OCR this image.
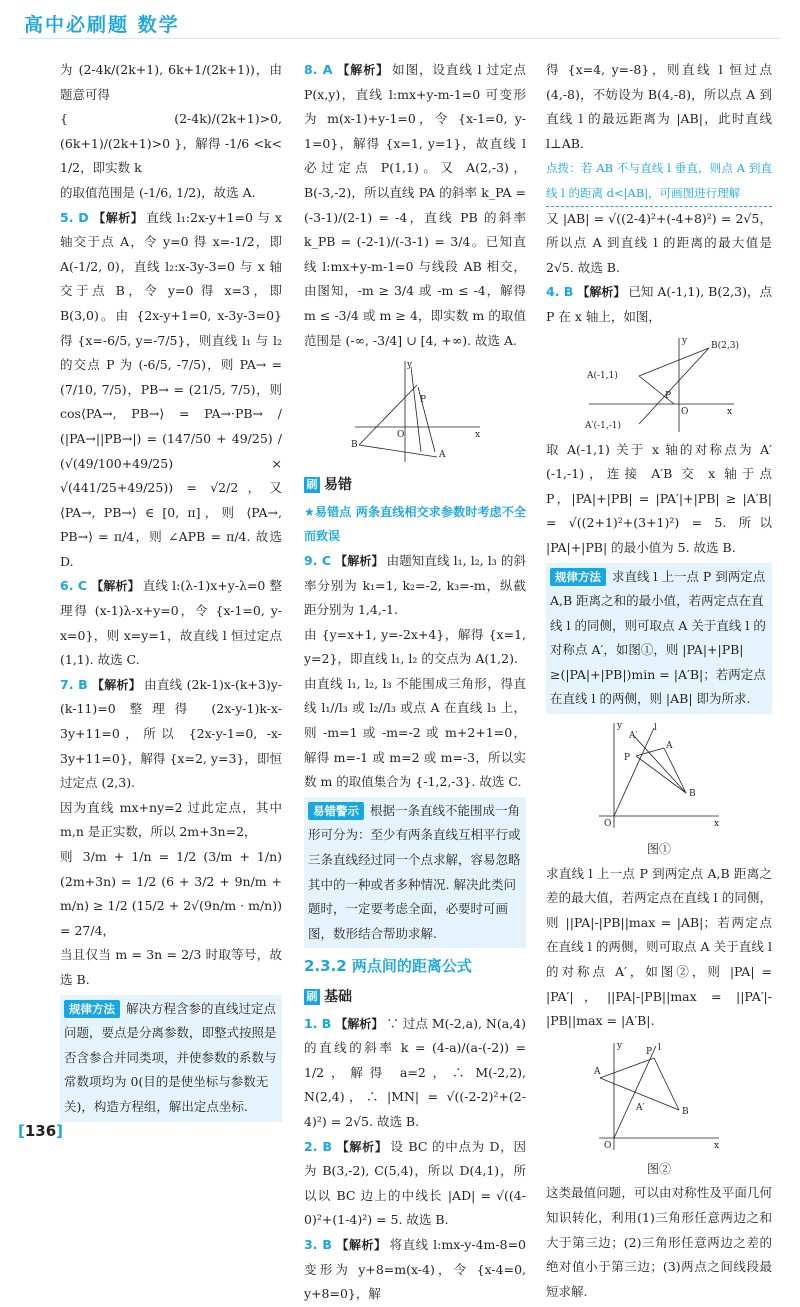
高中必刷题 数学

为 (2-4k/(2k+1), 6k+1/(2k+1))，由题意可得

{ (2-4k)/(2k+1)>0, (6k+1)/(2k+1)>0 }，解得 -1/6 <k< 1/2，即实数 k

的取值范围是 (-1/6, 1/2)，故选 A.

5. D 【解析】 直线 l₁:2x-y+1=0 与 x 轴交于点 A，令 y=0 得 x=-1/2，即 A(-1/2, 0)，直线 l₂:x-3y-3=0 与 x 轴交于点 B，令 y=0 得 x=3，即 B(3,0)。由 {2x-y+1=0, x-3y-3=0} 得 {x=-6/5, y=-7/5}，则直线 l₁ 与 l₂ 的交点 P 为 (-6/5, -7/5)，则 PA→ = (7/10, 7/5)，PB→ = (21/5, 7/5)，则 cos⟨PA→, PB→⟩ = PA→·PB→ / (|PA→||PB→|) = (147/50 + 49/25) / (√(49/100+49/25) × √(441/25+49/25)) = √2/2，又 ⟨PA→, PB→⟩ ∈ [0, π]，则 ⟨PA→, PB→⟩ = π/4，则 ∠APB = π/4. 故选 D.

6. C 【解析】 直线 l:(λ-1)x+y-λ=0 整理得 (x-1)λ-x+y=0，令 {x-1=0, y-x=0}，则 x=y=1，故直线 l 恒过定点 (1,1). 故选 C.

7. B 【解析】 由直线 (2k-1)x-(k+3)y-(k-11)=0 整理得 (2x-y-1)k-x-3y+11=0，所以 {2x-y-1=0, -x-3y+11=0}，解得 {x=2, y=3}，即恒过定点 (2,3).

因为直线 mx+ny=2 过此定点，其中 m,n 是正实数，所以 2m+3n=2，

则 3/m + 1/n = 1/2 (3/m + 1/n)(2m+3n) = 1/2 (6 + 3/2 + 9n/m + m/n) ≥ 1/2 (15/2 + 2√(9n/m · m/n)) = 27/4，

当且仅当 m = 3n = 2/3 时取等号，故选 B.

规律方法 解决方程含参的直线过定点问题，要点是分离参数，即整式按照是否含参合并同类项，并使参数的系数与常数项均为 0(目的是使坐标与参数无关)，构造方程组，解出定点坐标.

8. A 【解析】 如图，设直线 l 过定点 P(x,y)，直线 l:mx+y-m-1=0 可变形为 m(x-1)+y-1=0，令 {x-1=0, y-1=0}，解得 {x=1, y=1}，故直线 l 必过定点 P(1,1)。又 A(2,-3)，B(-3,-2)，所以直线 PA 的斜率 k_PA = (-3-1)/(2-1) = -4，直线 PB 的斜率 k_PB = (-2-1)/(-3-1) = 3/4。已知直线 l:mx+y-m-1=0 与线段 AB 相交，由图知，-m ≥ 3/4 或 -m ≤ -4，解得 m ≤ -3/4 或 m ≥ 4，即实数 m 的取值范围是 (-∞, -3/4] ∪ [4, +∞). 故选 A.

y
x
O
P
A
B
刷 易错

★易错点 两条直线相交求参数时考虑不全而致误

9. C 【解析】 由题知直线 l₁, l₂, l₃ 的斜率分别为 k₁=1, k₂=-2, k₃=-m，纵截距分别为 1,4,-1.

由 {y=x+1, y=-2x+4}，解得 {x=1, y=2}，即直线 l₁, l₂ 的交点为 A(1,2).

由直线 l₁, l₂, l₃ 不能围成三角形，得直线 l₁//l₃ 或 l₂//l₃ 或点 A 在直线 l₃ 上，则 -m=1 或 -m=-2 或 m+2+1=0，解得 m=-1 或 m=2 或 m=-3，所以实数 m 的取值集合为 {-1,2,-3}. 故选 C.

易错警示 根据一条直线不能围成一角形可分为：至少有两条直线互相平行或三条直线经过同一个点求解，容易忽略其中的一种或者多种情况. 解决此类问题时，一定要考虑全面，必要时可画图，数形结合帮助求解.
2.3.2 两点间的距离公式
刷 基础

1. B 【解析】 ∵ 过点 M(-2,a), N(a,4) 的直线的斜率 k = (4-a)/(a-(-2)) = 1/2，解得 a=2，∴ M(-2,2), N(2,4)，∴ |MN| = √((-2-2)²+(2-4)²) = 2√5. 故选 B.

2. B 【解析】 设 BC 的中点为 D，因为 B(3,-2), C(5,4)，所以 D(4,1)，所以以 BC 边上的中线长 |AD| = √((4-0)²+(1-4)²) = 5. 故选 B.

3. B 【解析】 将直线 l:mx-y-4m-8=0 变形为 y+8=m(x-4)，令 {x-4=0, y+8=0}，解

得 {x=4, y=-8}，则直线 l 恒过点 (4,-8)，不妨设为 B(4,-8)，所以点 A 到直线 l 的最远距离为 |AB|，此时直线 l⊥AB.

点拨：若 AB 不与直线 l 垂直，则点 A 到直线 l 的距离 d<|AB|，可画图进行理解

又 |AB| = √((2-4)²+(-4+8)²) = 2√5，所以点 A 到直线 l 的距离的最大值是 2√5. 故选 B.

4. B 【解析】 已知 A(-1,1), B(2,3)，点 P 在 x 轴上，如图，

y
x
O
P
A(-1,1)
B(2,3)
A′(-1,-1)

取 A(-1,1) 关于 x 轴的对称点为 A′(-1,-1)，连接 A′B 交 x 轴于点 P，|PA|+|PB| = |PA′|+|PB| ≥ |A′B| = √((2+1)²+(3+1)²) = 5. 所以 |PA|+|PB| 的最小值为 5. 故选 B.

规律方法 求直线 l 上一点 P 到两定点 A,B 距离之和的最小值，若两定点在直线 l 的同侧，则可取点 A 关于直线 l 的对称点 A′，如图①，则 |PA|+|PB|≥(|PA|+|PB|)min = |A′B|；若两定点在直线 l 的两侧，则 |AB| 即为所求.
y
x
O
P
A
A′
B
l
图①

求直线 l 上一点 P 到两定点 A,B 距离之差的最大值，若两定点在直线 l 的同侧，则 ||PA|-|PB||max = |AB|；若两定点在直线 l 的两侧，则可取点 A 关于直线 l 的对称点 A′，如图②，则 |PA| = |PA′|，||PA|-|PB||max = ||PA′|-|PB||max = |A′B|.

y
x
O
P
A
A′	B
l
图②

这类最值问题，可以由对称性及平面几何知识转化，利用(1)三角形任意两边之和大于第三边；(2)三角形任意两边之差的绝对值小于第三边；(3)两点之间线段最短求解.

[136]
